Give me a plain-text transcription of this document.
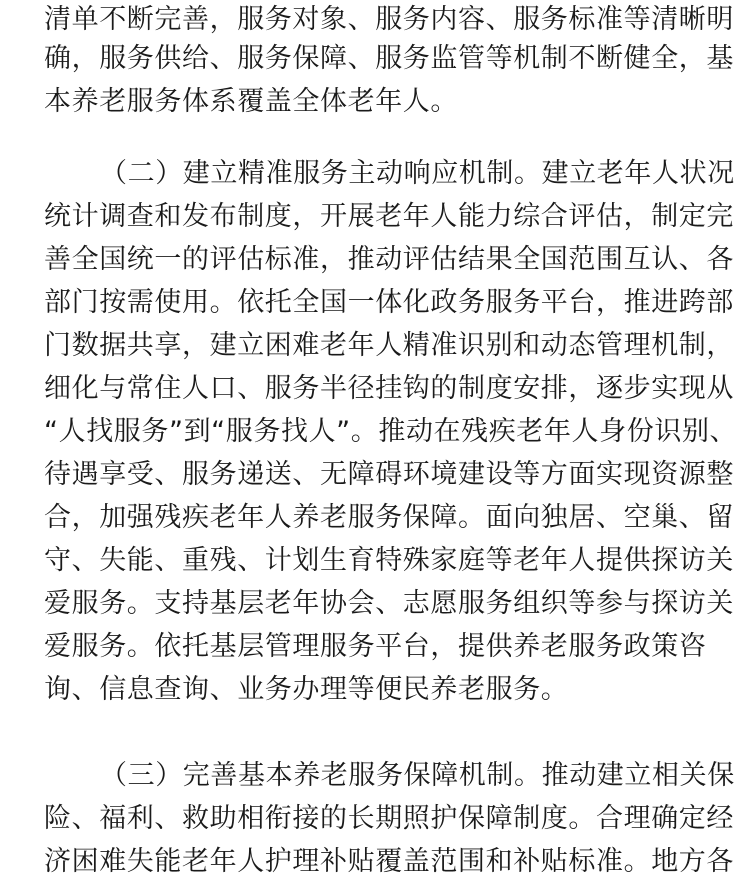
清单不断完善，服务对象、服务内容、服务标准等清晰明
确，服务供给、服务保障、服务监管等机制不断健全，基
本养老服务体系覆盖全体老年人。
（二）建立精准服务主动响应机制。建立老年人状况
统计调查和发布制度，开展老年人能力综合评估，制定完
善全国统一的评估标准，推动评估结果全国范围互认、各
部门按需使用。依托全国一体化政务服务平台，推进跨部
门数据共享，建立困难老年人精准识别和动态管理机制，
细化与常住人口、服务半径挂钩的制度安排，逐步实现从
“人找服务”到“服务找人”。推动在残疾老年人身份识别、
待遇享受、服务递送、无障碍环境建设等方面实现资源整
合，加强残疾老年人养老服务保障。面向独居、空巢、留
守、失能、重残、计划生育特殊家庭等老年人提供探访关
爱服务。支持基层老年协会、志愿服务组织等参与探访关
爱服务。依托基层管理服务平台，提供养老服务政策咨
询、信息查询、业务办理等便民养老服务。
（三）完善基本养老服务保障机制。推动建立相关保
险、福利、救助相衔接的长期照护保障制度。合理确定经
济困难失能老年人护理补贴覆盖范围和补贴标准。地方各
